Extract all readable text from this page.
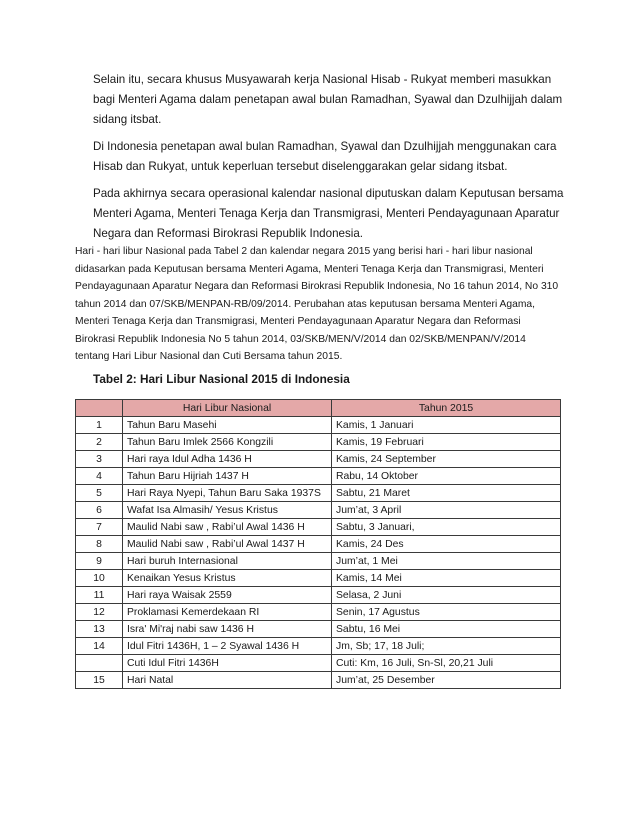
Selain itu, secara khusus Musyawarah kerja Nasional Hisab - Rukyat memberi masukkan
bagi Menteri Agama dalam penetapan awal bulan Ramadhan, Syawal dan Dzulhijjah dalam
sidang itsbat.

Di Indonesia penetapan awal bulan Ramadhan, Syawal dan Dzulhijjah menggunakan cara
Hisab dan Rukyat, untuk keperluan tersebut diselenggarakan gelar sidang itsbat.

Pada akhirnya secara operasional kalendar nasional diputuskan dalam Keputusan bersama
Menteri Agama, Menteri Tenaga Kerja dan Transmigrasi, Menteri Pendayagunaan Aparatur
Negara dan Reformasi Birokrasi Republik Indonesia.

Hari - hari libur Nasional pada Tabel 2 dan kalendar negara 2015 yang berisi hari - hari libur nasional
didasarkan pada Keputusan bersama Menteri Agama, Menteri Tenaga Kerja dan Transmigrasi, Menteri
Pendayagunaan Aparatur Negara dan Reformasi Birokrasi Republik Indonesia, No 16 tahun 2014, No 310
tahun 2014 dan 07/SKB/MENPAN-RB/09/2014. Perubahan atas keputusan bersama Menteri Agama,
Menteri Tenaga Kerja dan Transmigrasi, Menteri Pendayagunaan Aparatur Negara dan Reformasi
Birokrasi Republik Indonesia No 5 tahun 2014, 03/SKB/MEN/V/2014 dan 02/SKB/MENPAN/V/2014
tentang Hari Libur Nasional dan Cuti Bersama tahun 2015.

Tabel 2: Hari Libur Nasional 2015 di Indonesia
	Hari Libur Nasional	Tahun 2015
1	Tahun Baru Masehi	Kamis, 1 Januari
2	Tahun Baru Imlek 2566 Kongzili	Kamis, 19 Februari
3	Hari raya Idul Adha 1436 H	Kamis, 24 September
4	Tahun Baru Hijriah 1437 H	Rabu, 14 Oktober
5	Hari Raya Nyepi, Tahun Baru Saka 1937S	Sabtu, 21 Maret
6	Wafat Isa Almasih/ Yesus Kristus	Jum’at, 3 April
7	Maulid Nabi saw , Rabi’ul Awal 1436 H	Sabtu, 3 Januari,
8	Maulid Nabi saw , Rabi’ul Awal 1437 H	Kamis, 24 Des
9	Hari buruh Internasional	Jum’at, 1 Mei
10	Kenaikan Yesus Kristus	Kamis, 14 Mei
11	Hari raya Waisak 2559	Selasa, 2 Juni
12	Proklamasi Kemerdekaan RI	Senin, 17 Agustus
13	Isra' Mi'raj nabi saw 1436 H	Sabtu, 16 Mei
14	Idul Fitri 1436H, 1 – 2 Syawal 1436 H	Jm, Sb; 17, 18 Juli;
	Cuti Idul Fitri 1436H	Cuti: Km, 16 Juli, Sn-Sl, 20,21 Juli
15	Hari Natal	Jum’at, 25 Desember
